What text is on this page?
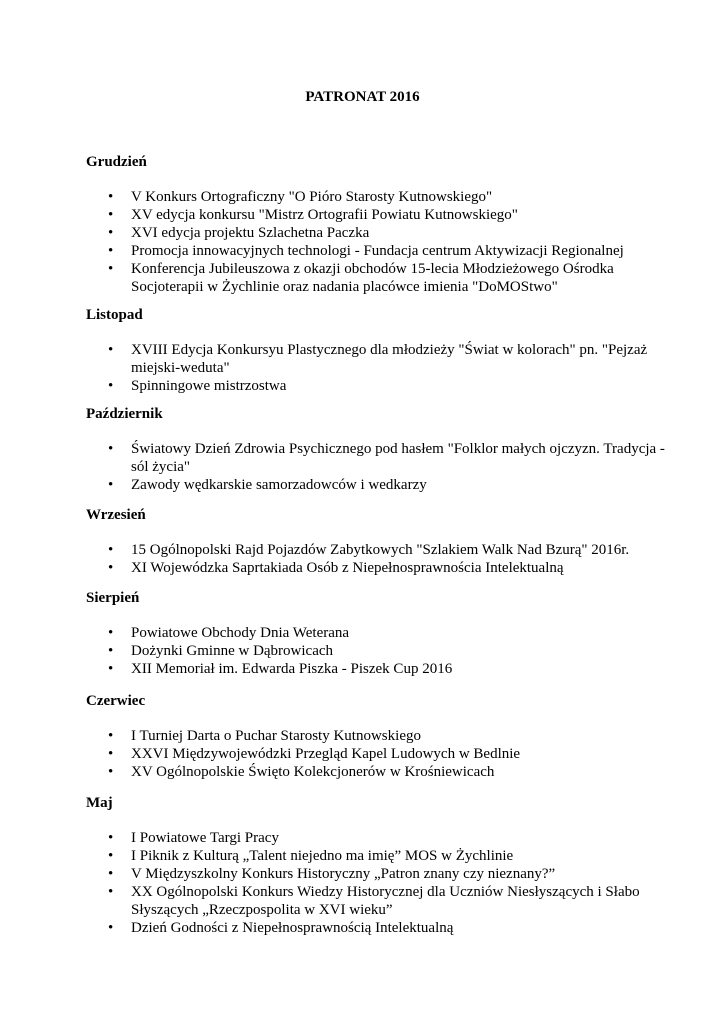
PATRONAT 2016
Grudzień
•	V Konkurs Ortograficzny "O Pióro Starosty Kutnowskiego"
•	XV edycja konkursu "Mistrz Ortografii Powiatu Kutnowskiego"
•	XVI edycja projektu Szlachetna Paczka
•	Promocja innowacyjnych technologi - Fundacja centrum Aktywizacji Regionalnej
•	Konferencja Jubileuszowa z okazji obchodów 15-lecia Młodzieżowego Ośrodka Socjoterapii w Żychlinie oraz nadania placówce imienia "DoMOStwo"
Listopad
•	XVIII Edycja Konkursyu Plastycznego dla młodzieży "Świat w kolorach" pn. "Pejzaż miejski-weduta"
•	Spinningowe mistrzostwa
Październik
•	Światowy Dzień Zdrowia Psychicznego pod hasłem "Folklor małych ojczyzn. Tradycja - sól życia"
•	Zawody wędkarskie samorzadowców i wedkarzy
Wrzesień
•	15 Ogólnopolski Rajd Pojazdów Zabytkowych "Szlakiem Walk Nad Bzurą" 2016r.
•	XI Wojewódzka Saprtakiada Osób z Niepełnosprawnościa Intelektualną
Sierpień
•	Powiatowe Obchody Dnia Weterana
•	Dożynki Gminne w Dąbrowicach
•	XII Memoriał im. Edwarda Piszka - Piszek Cup 2016
Czerwiec
•	I Turniej Darta o Puchar Starosty Kutnowskiego
•	XXVI Międzywojewódzki Przegląd Kapel Ludowych w Bedlnie
•	XV Ogólnopolskie Święto Kolekcjonerów w Krośniewicach
Maj
•	I Powiatowe Targi Pracy
•	I Piknik z Kulturą „Talent niejedno ma imię” MOS w Żychlinie
•	V Międzyszkolny Konkurs Historyczny „Patron znany czy nieznany?”
•	XX Ogólnopolski Konkurs Wiedzy Historycznej dla Uczniów Niesłyszących i Słabo Słyszących „Rzeczpospolita w XVI wieku”
•	Dzień Godności z Niepełnosprawnością Intelektualną
